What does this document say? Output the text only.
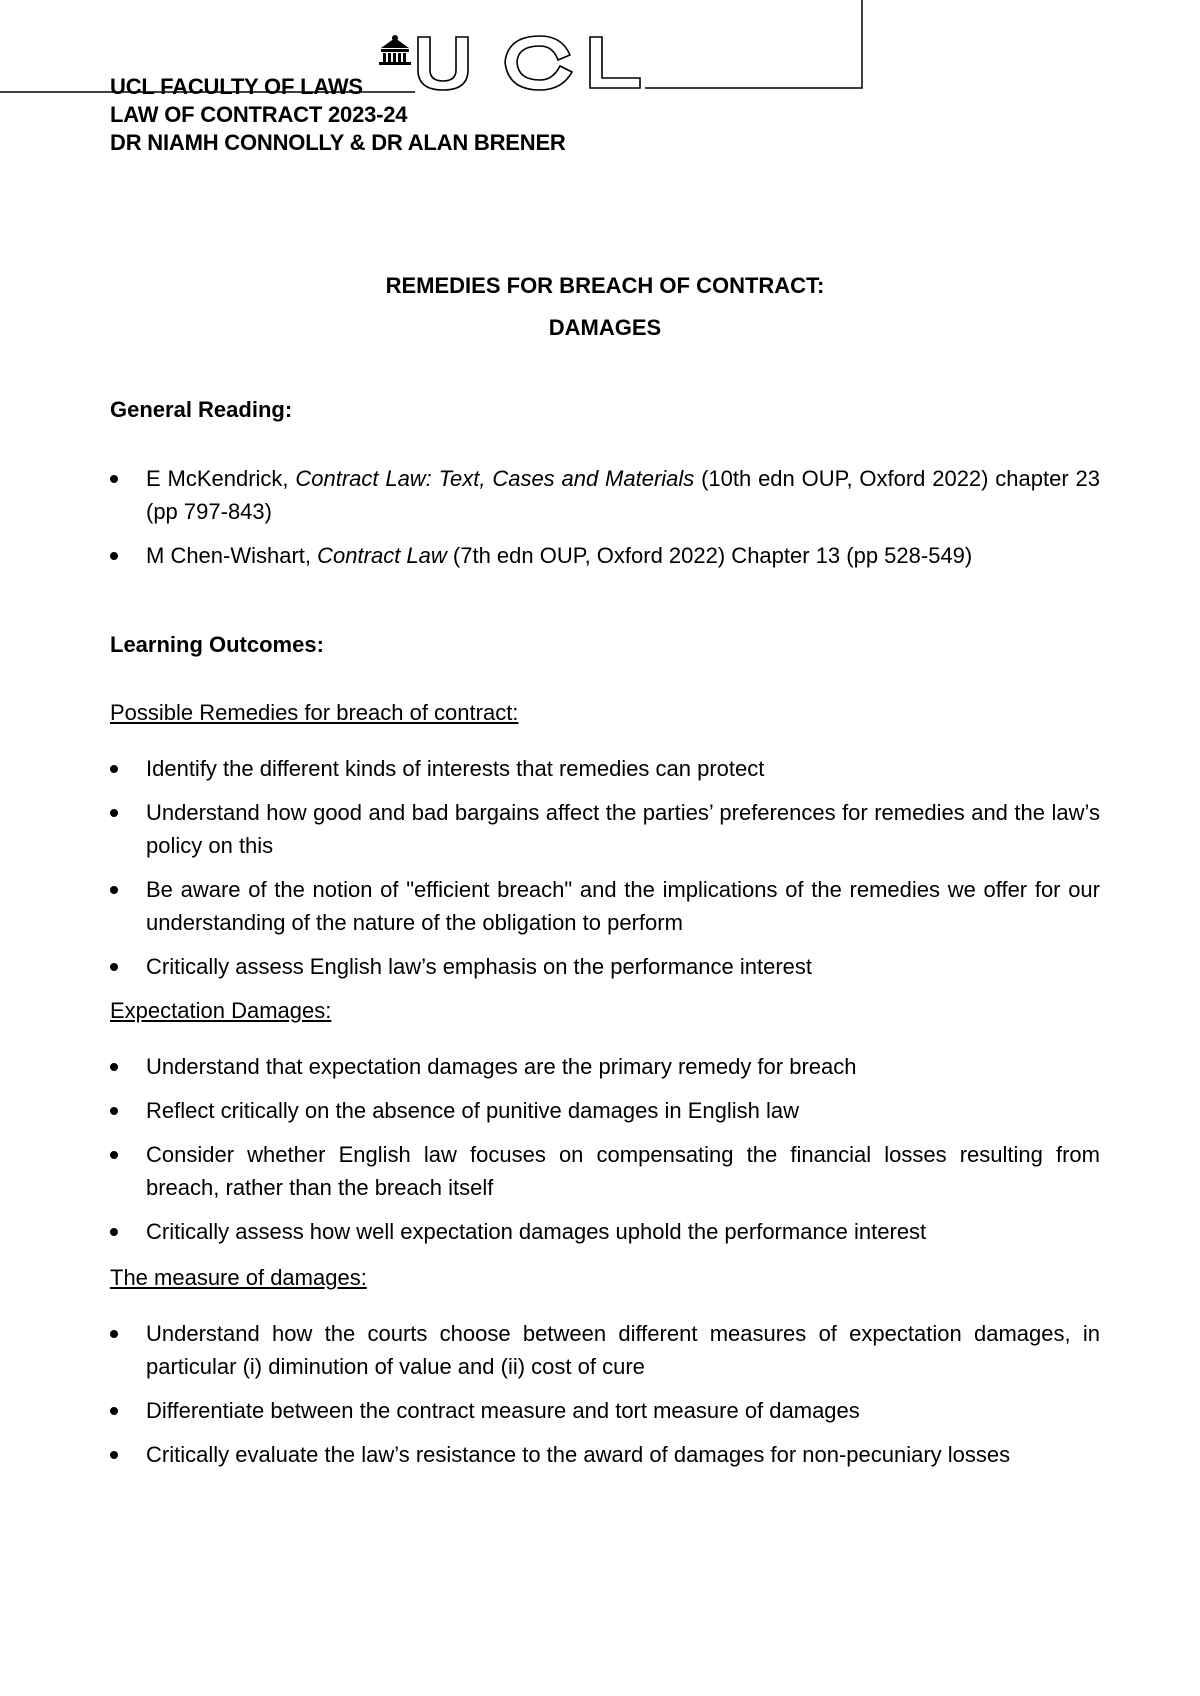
UCL FACULTY OF LAWS
LAW OF CONTRACT 2023-24
DR NIAMH CONNOLLY & DR ALAN BRENER
REMEDIES FOR BREACH OF CONTRACT:
DAMAGES
General Reading:
E McKendrick, Contract Law: Text, Cases and Materials (10th edn OUP, Oxford 2022) chapter 23 (pp 797-843)
M Chen-Wishart, Contract Law (7th edn OUP, Oxford 2022) Chapter 13 (pp 528-549)
Learning Outcomes:
Possible Remedies for breach of contract:
Identify the different kinds of interests that remedies can protect
Understand how good and bad bargains affect the parties’ preferences for remedies and the law’s policy on this
Be aware of the notion of "efficient breach" and the implications of the remedies we offer for our understanding of the nature of the obligation to perform
Critically assess English law’s emphasis on the performance interest
Expectation Damages:
Understand that expectation damages are the primary remedy for breach
Reflect critically on the absence of punitive damages in English law
Consider whether English law focuses on compensating the financial losses resulting from breach, rather than the breach itself
Critically assess how well expectation damages uphold the performance interest
The measure of damages:
Understand how the courts choose between different measures of expectation damages, in particular (i) diminution of value and (ii) cost of cure
Differentiate between the contract measure and tort measure of damages
Critically evaluate the law’s resistance to the award of damages for non-pecuniary losses
